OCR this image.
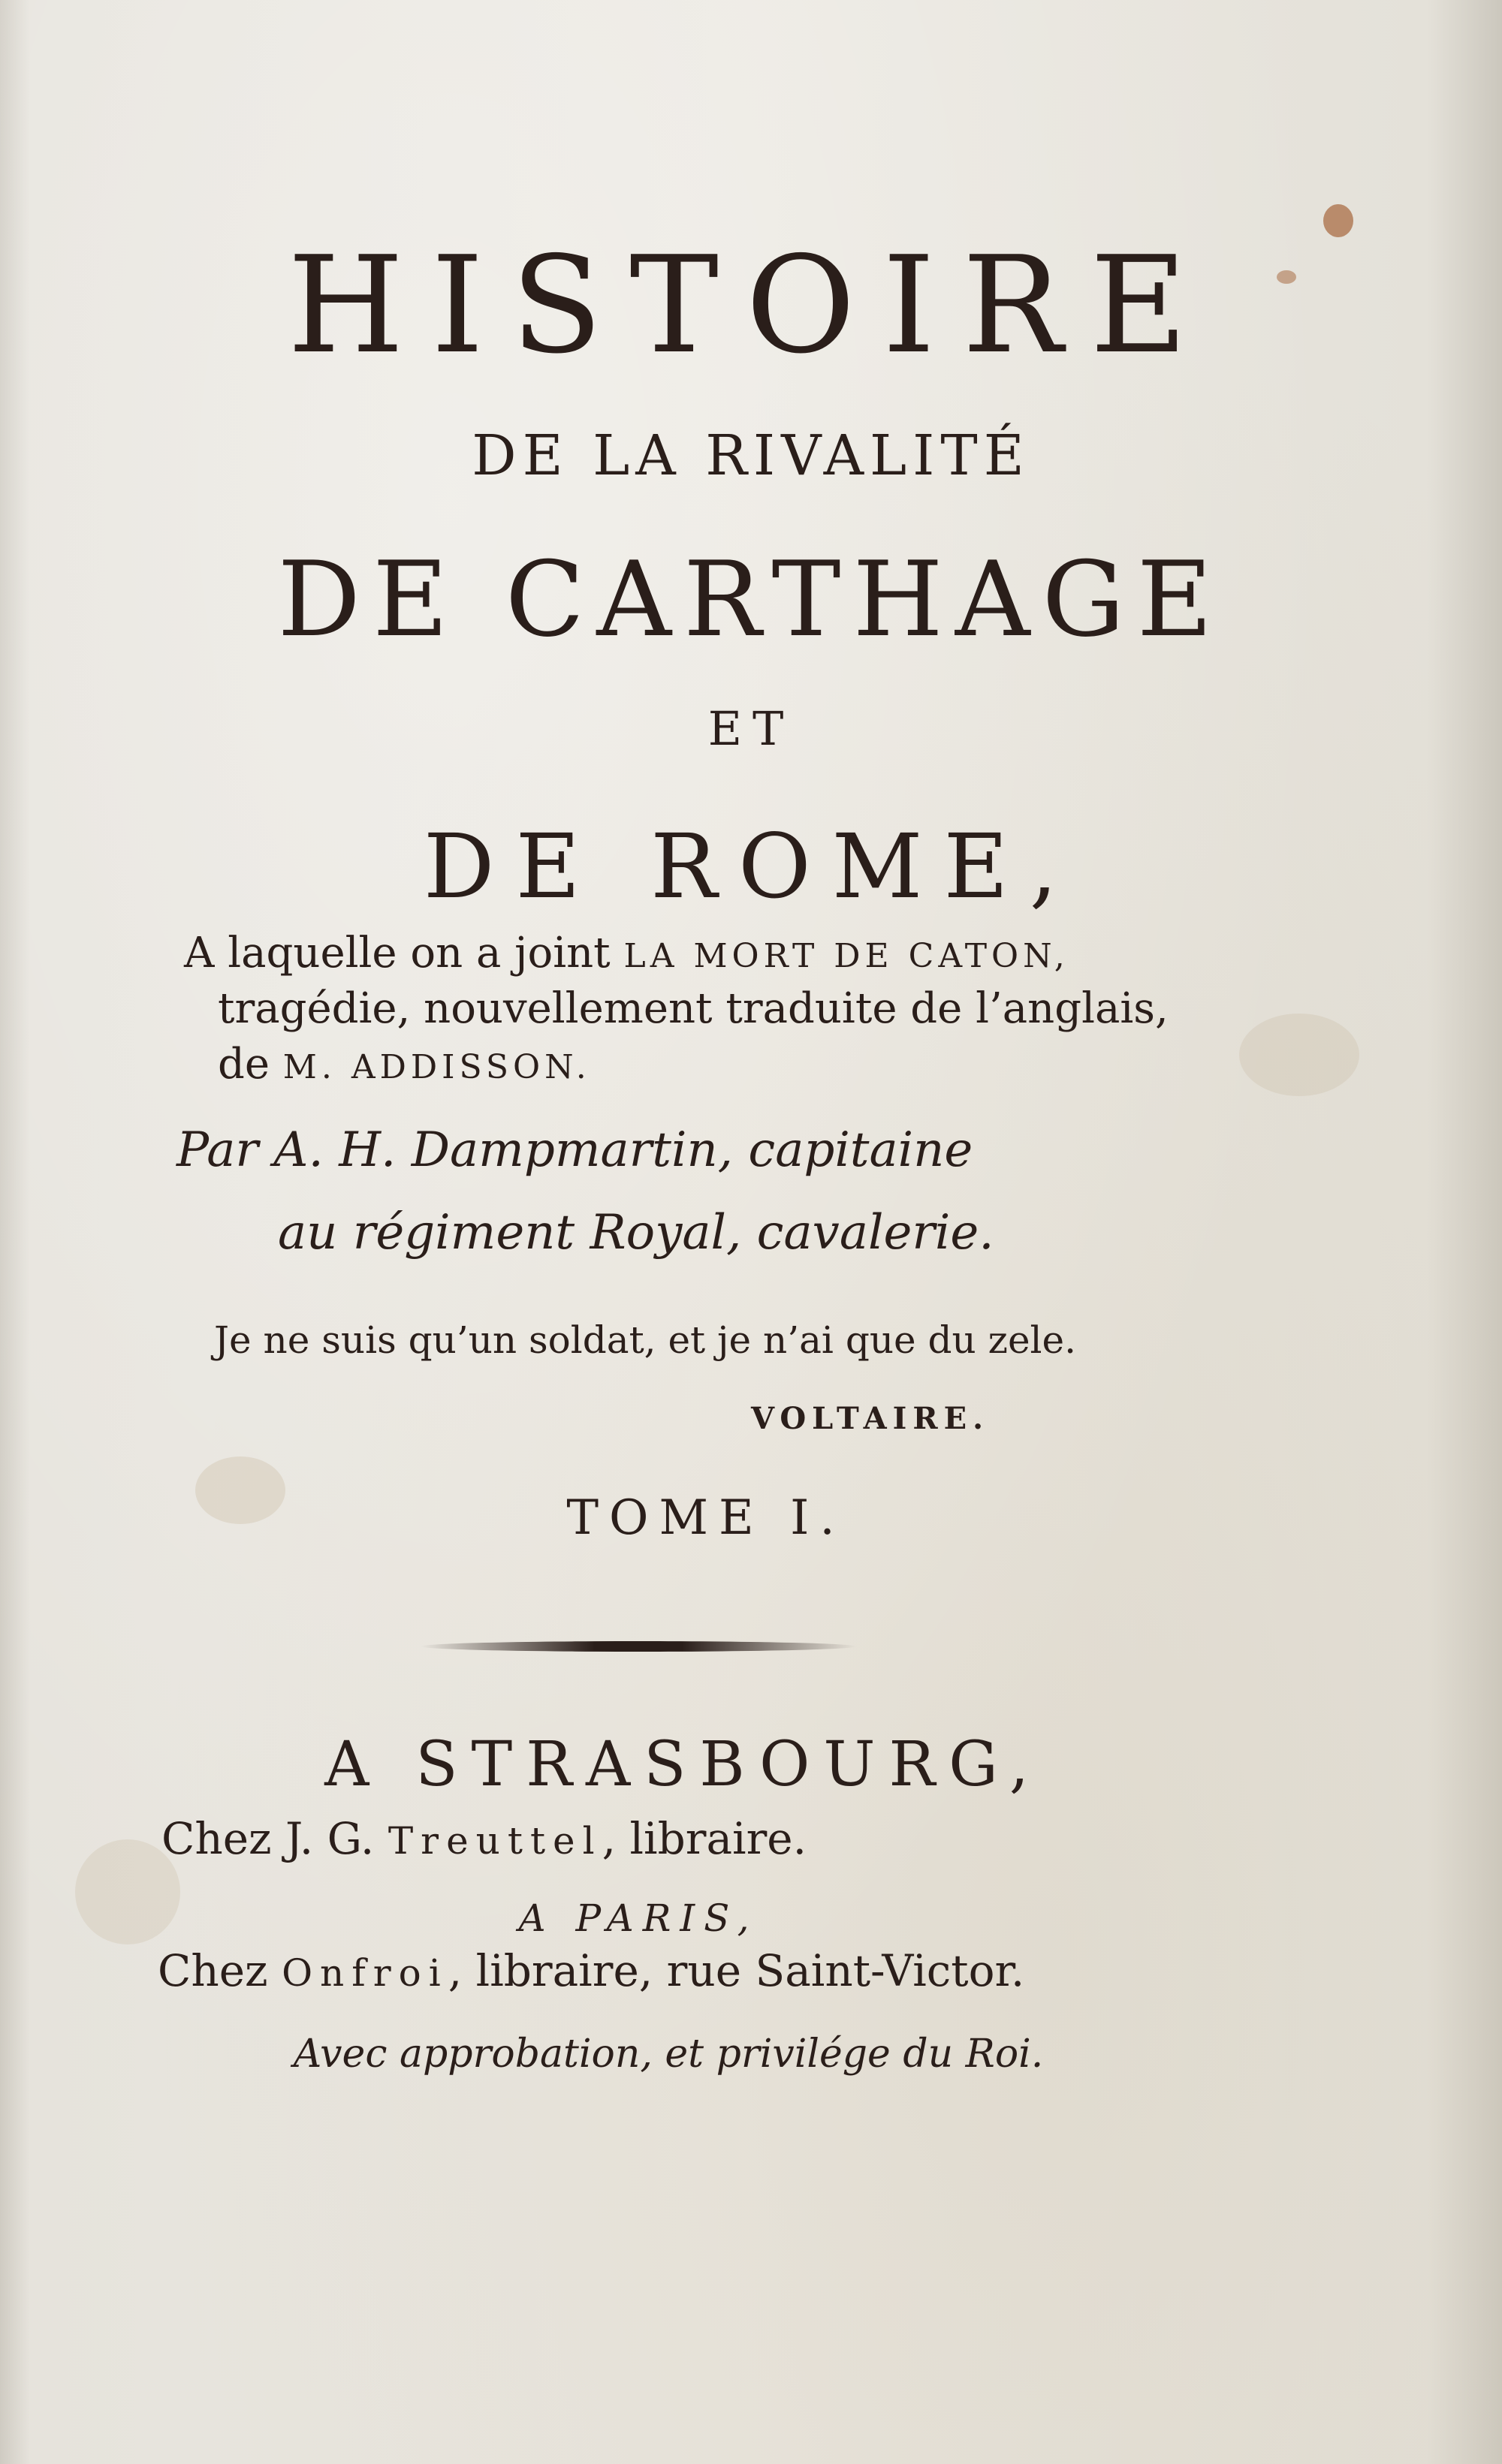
HISTOIRE
DE LA RIVALITÉ
DE CARTHAGE
ET
DE ROME,
A laquelle on a joint LA MORT DE CATON,
tragédie, nouvellement traduite de l’anglais,
de M. ADDISSON.
Par A. H. Dampmartin, capitaine
au régiment Royal, cavalerie.
Je ne suis qu’un soldat, et je n’ai que du zele.
VOLTAIRE.
TOME I.
A STRASBOURG,
Chez J. G. Treuttel, libraire.
A PARIS,
Chez Onfroi, libraire, rue Saint-Victor.
Avec approbation, et privilége du Roi.
